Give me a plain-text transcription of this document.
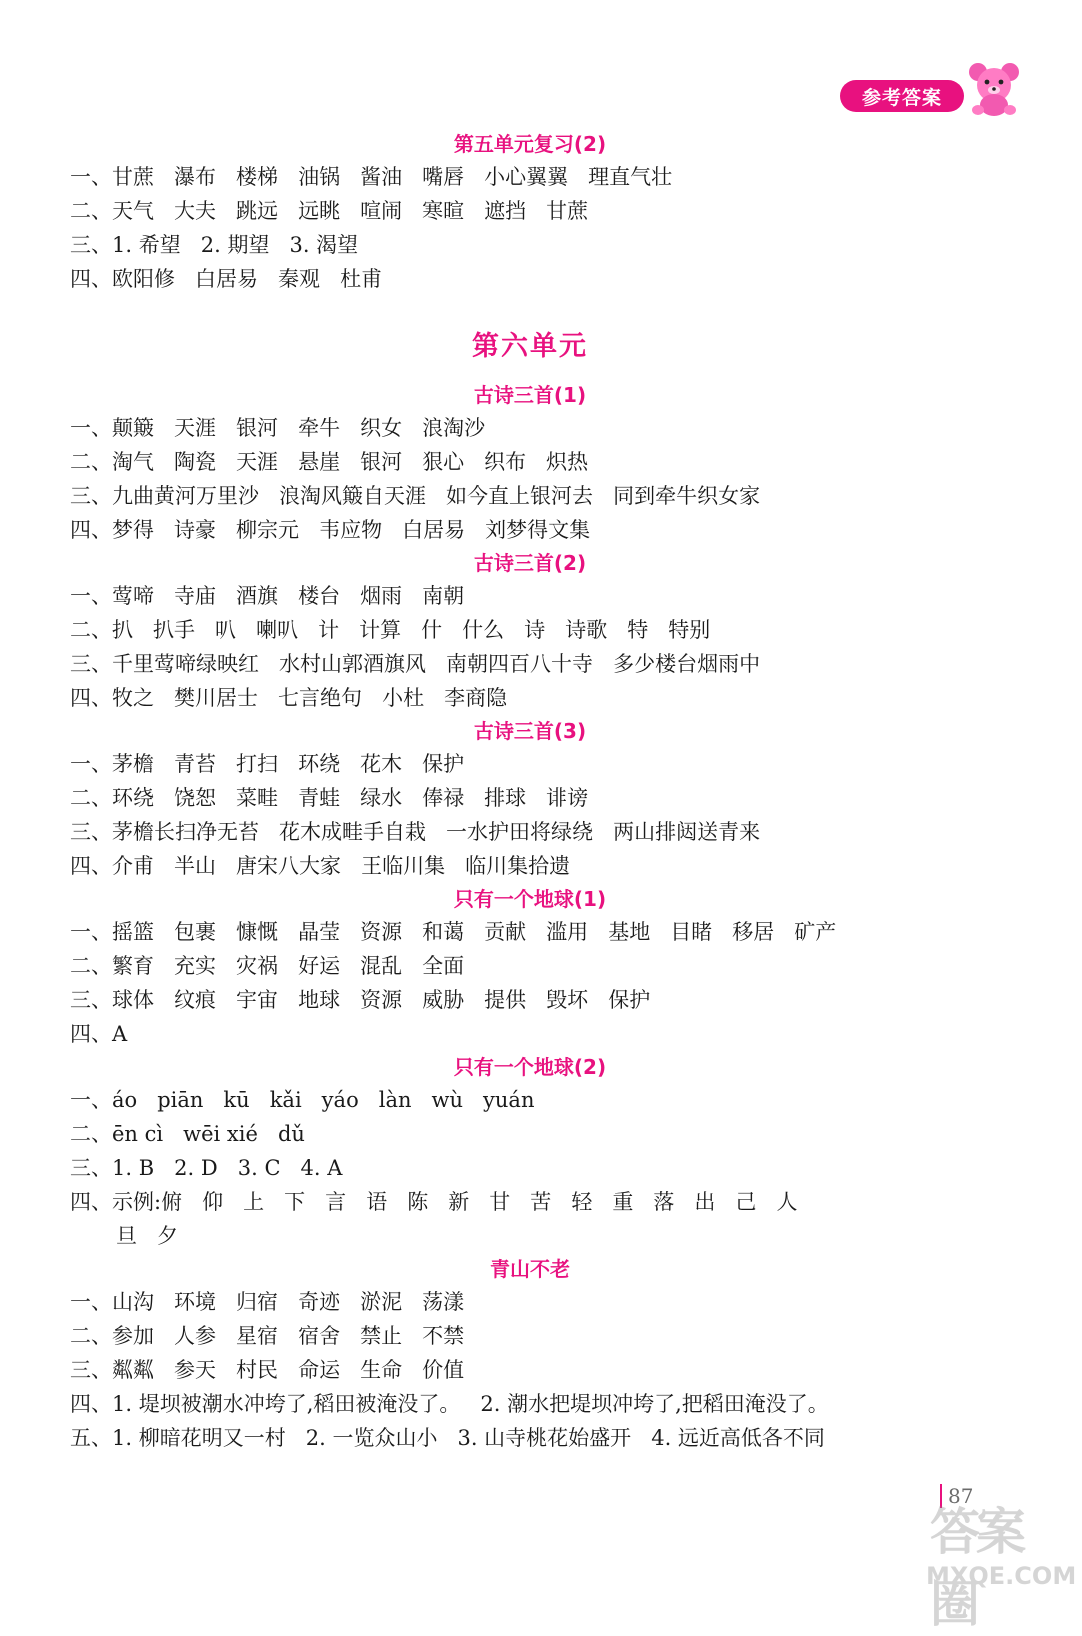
参考答案
第五单元复习(2)
一、甘蔗   瀑布   楼梯   油锅   酱油   嘴唇   小心翼翼   理直气壮
二、天气   大夫   跳远   远眺   喧闹   寒暄   遮挡   甘蔗
三、1. 希望   2. 期望   3. 渴望
四、欧阳修   白居易   秦观   杜甫
第六单元
古诗三首(1)
一、颠簸   天涯   银河   牵牛   织女   浪淘沙
二、淘气   陶瓷   天涯   悬崖   银河   狠心   织布   炽热
三、九曲黄河万里沙   浪淘风簸自天涯   如今直上银河去   同到牵牛织女家
四、梦得   诗豪   柳宗元   韦应物   白居易   刘梦得文集
古诗三首(2)
一、莺啼   寺庙   酒旗   楼台   烟雨   南朝
二、扒   扒手   叭   喇叭   计   计算   什   什么   诗   诗歌   特   特别
三、千里莺啼绿映红   水村山郭酒旗风   南朝四百八十寺   多少楼台烟雨中
四、牧之   樊川居士   七言绝句   小杜   李商隐
古诗三首(3)
一、茅檐   青苔   打扫   环绕   花木   保护
二、环绕   饶恕   菜畦   青蛙   绿水   俸禄   排球   诽谤
三、茅檐长扫净无苔   花木成畦手自栽   一水护田将绿绕   两山排闼送青来
四、介甫   半山   唐宋八大家   王临川集   临川集拾遗
只有一个地球(1)
一、摇篮   包裹   慷慨   晶莹   资源   和蔼   贡献   滥用   基地   目睹   移居   矿产
二、繁育   充实   灾祸   好运   混乱   全面
三、球体   纹痕   宇宙   地球   资源   威胁   提供   毁坏   保护
四、A
只有一个地球(2)
一、áo   piān   kū   kǎi   yáo   làn   wù   yuán
二、ēn cì   wēi xié   dǔ
三、1. B   2. D   3. C   4. A
四、示例:俯   仰   上   下   言   语   陈   新   甘   苦   轻   重   落   出   己   人
旦   夕
青山不老
一、山沟   环境   归宿   奇迹   淤泥   荡漾
二、参加   人参   星宿   宿舍   禁止   不禁
三、粼粼   参天   村民   命运   生命   价值
四、1. 堤坝被潮水冲垮了,稻田被淹没了。   2. 潮水把堤坝冲垮了,把稻田淹没了。
五、1. 柳暗花明又一村   2. 一览众山小   3. 山寺桃花始盛开   4. 远近高低各不同
87
答案圈
MXQE.COM
